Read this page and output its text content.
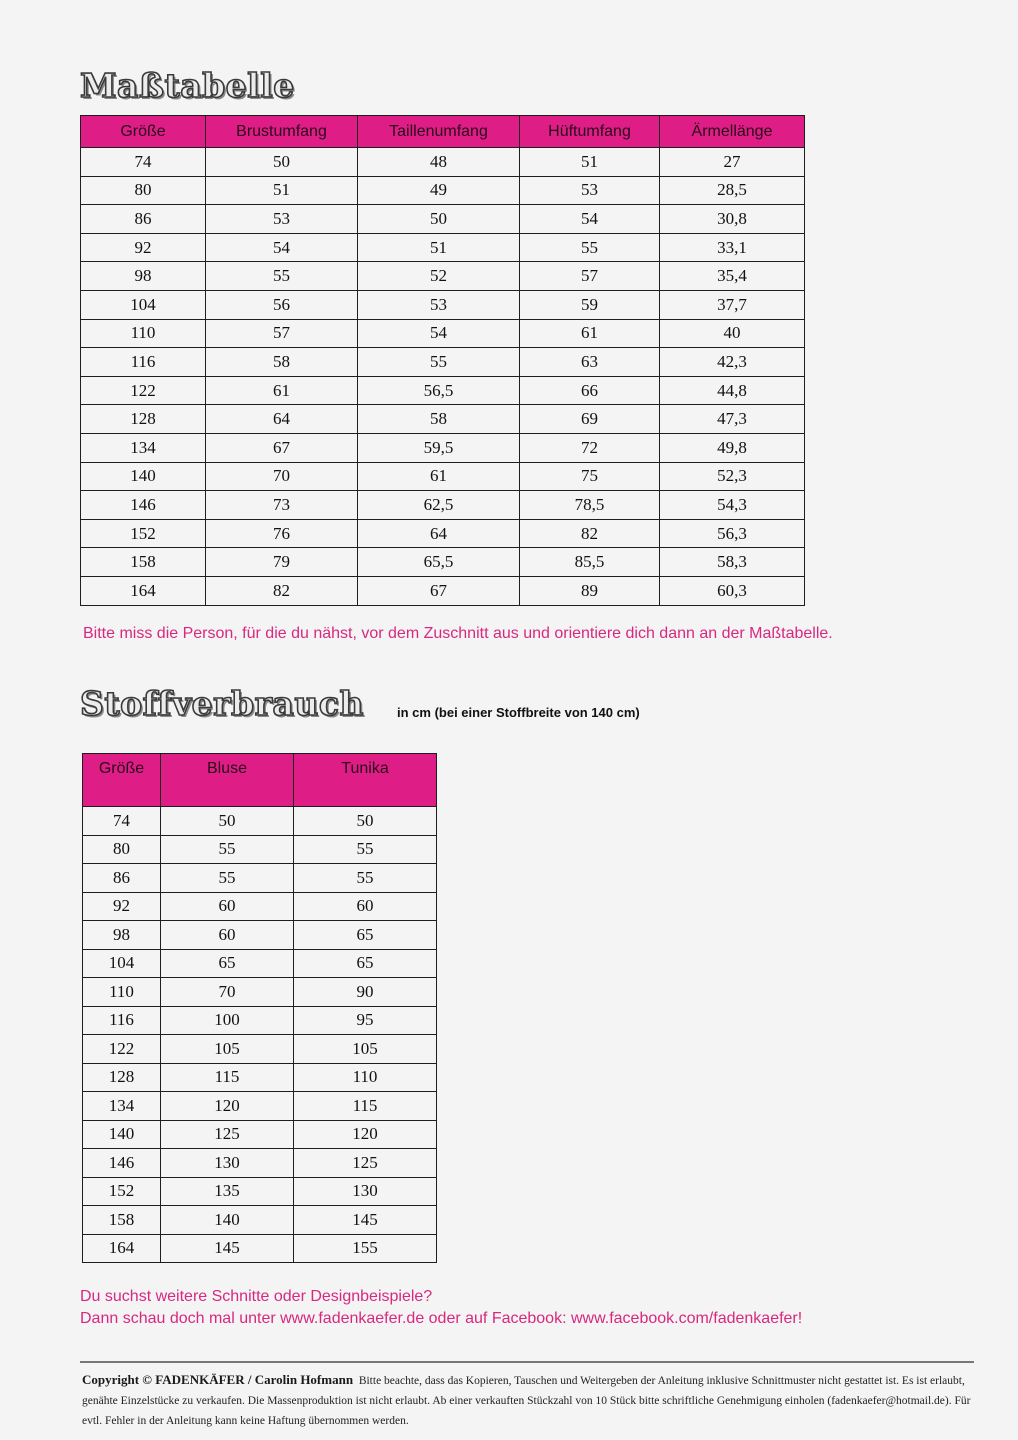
Maßtabelle
Größe	Brustumfang	Taillenumfang	Hüftumfang	Ärmellänge
74	50	48	51	27
80	51	49	53	28,5
86	53	50	54	30,8
92	54	51	55	33,1
98	55	52	57	35,4
104	56	53	59	37,7
110	57	54	61	40
116	58	55	63	42,3
122	61	56,5	66	44,8
128	64	58	69	47,3
134	67	59,5	72	49,8
140	70	61	75	52,3
146	73	62,5	78,5	54,3
152	76	64	82	56,3
158	79	65,5	85,5	58,3
164	82	67	89	60,3
Bitte miss die Person, für die du nähst, vor dem Zuschnitt aus und orientiere dich dann an der Maßtabelle.
Stoffverbrauch	in cm (bei einer Stoffbreite von 140 cm)
Größe	Bluse	Tunika
74	50	50
80	55	55
86	55	55
92	60	60
98	60	65
104	65	65
110	70	90
116	100	95
122	105	105
128	115	110
134	120	115
140	125	120
146	130	125
152	135	130
158	140	145
164	145	155
Du suchst weitere Schnitte oder Designbeispiele?
Dann schau doch mal unter www.fadenkaefer.de oder auf Facebook: www.facebook.com/fadenkaefer!
Copyright © FADENKÄFER / Carolin Hofmann Bitte beachte, dass das Kopieren, Tauschen und Weitergeben der Anleitung inklusive Schnittmuster nicht gestattet ist. Es ist erlaubt, genähte Einzelstücke zu verkaufen. Die Massenproduktion ist nicht erlaubt. Ab einer verkauften Stückzahl von 10 Stück bitte schriftliche Genehmigung einholen (fadenkaefer@hotmail.de). Für evtl. Fehler in der Anleitung kann keine Haftung übernommen werden.
